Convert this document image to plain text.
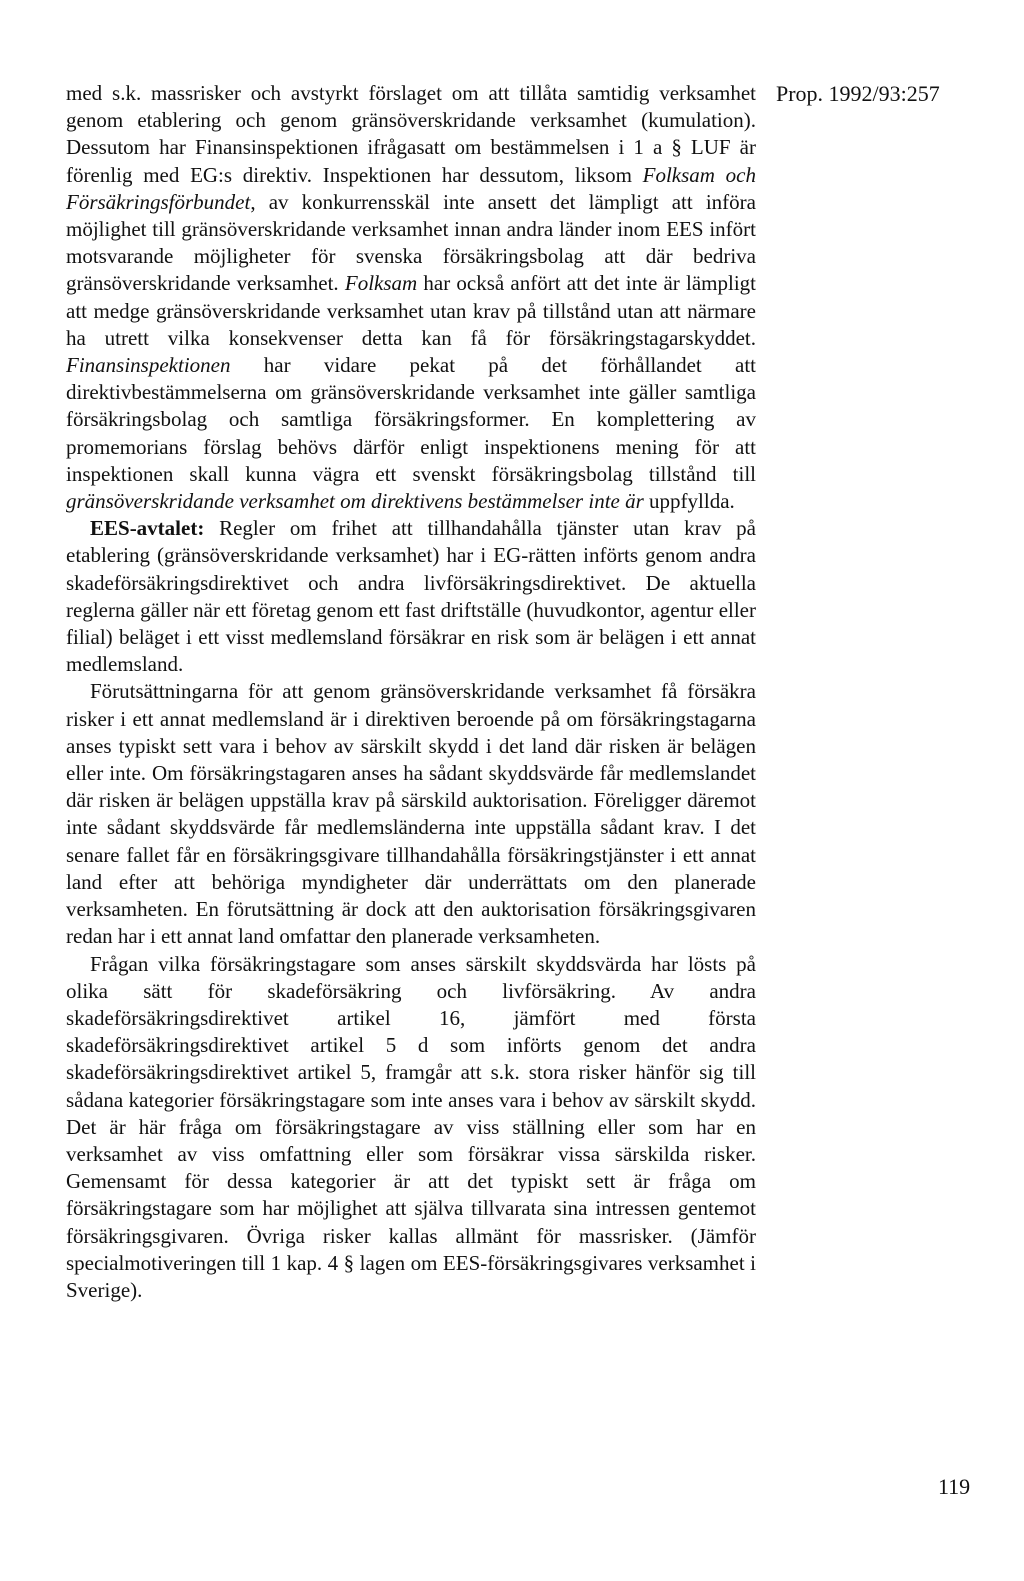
Prop. 1992/93:257

med s.k. massrisker och avstyrkt förslaget om att tillåta samtidig verksamhet genom etablering och genom gränsöverskridande verksamhet (kumulation). Dessutom har Finansinspektionen ifrågasatt om bestämmelsen i 1 a § LUF är förenlig med EG:s direktiv. Inspektionen har dessutom, liksom Folksam och Försäkringsförbundet, av konkurrensskäl inte ansett det lämpligt att införa möjlighet till gränsöverskridande verksamhet innan andra länder inom EES infört motsvarande möjligheter för svenska försäkringsbolag att där bedriva gränsöverskridande verksamhet. Folksam har också anfört att det inte är lämpligt att medge gränsöverskridande verksamhet utan krav på tillstånd utan att närmare ha utrett vilka konsekvenser detta kan få för försäkringstagarskyddet. Finansinspektionen har vidare pekat på det förhållandet att direktivbestämmelserna om gränsöverskridande verksamhet inte gäller samtliga försäkringsbolag och samtliga försäkringsformer. En komplettering av promemorians förslag behövs därför enligt inspektionens mening för att inspektionen skall kunna vägra ett svenskt försäkringsbolag tillstånd till gränsöverskridande verksamhet om direktivens bestämmelser inte är uppfyllda.

EES-avtalet: Regler om frihet att tillhandahålla tjänster utan krav på etablering (gränsöverskridande verksamhet) har i EG-rätten införts genom andra skadeförsäkringsdirektivet och andra livförsäkringsdirektivet. De aktuella reglerna gäller när ett företag genom ett fast driftställe (huvudkontor, agentur eller filial) beläget i ett visst medlemsland försäkrar en risk som är belägen i ett annat medlemsland.

Förutsättningarna för att genom gränsöverskridande verksamhet få försäkra risker i ett annat medlemsland är i direktiven beroende på om försäkringstagarna anses typiskt sett vara i behov av särskilt skydd i det land där risken är belägen eller inte. Om försäkringstagaren anses ha sådant skyddsvärde får medlemslandet där risken är belägen uppställa krav på särskild auktorisation. Föreligger däremot inte sådant skyddsvärde får medlemsländerna inte uppställa sådant krav. I det senare fallet får en försäkringsgivare tillhandahålla försäkringstjänster i ett annat land efter att behöriga myndigheter där underrättats om den planerade verksamheten. En förutsättning är dock att den auktorisation försäkringsgivaren redan har i ett annat land omfattar den planerade verksamheten.

Frågan vilka försäkringstagare som anses särskilt skyddsvärda har lösts på olika sätt för skadeförsäkring och livförsäkring. Av andra skadeförsäkringsdirektivet artikel 16, jämfört med första skadeförsäkringsdirektivet artikel 5 d som införts genom det andra skadeförsäkringsdirektivet artikel 5, framgår att s.k. stora risker hänför sig till sådana kategorier försäkringstagare som inte anses vara i behov av särskilt skydd. Det är här fråga om försäkringstagare av viss ställning eller som har en verksamhet av viss omfattning eller som försäkrar vissa särskilda risker. Gemensamt för dessa kategorier är att det typiskt sett är fråga om försäkringstagare som har möjlighet att själva tillvarata sina intressen gentemot försäkringsgivaren. Övriga risker kallas allmänt för massrisker. (Jämför specialmotiveringen till 1 kap. 4 § lagen om EES-försäkringsgivares verksamhet i Sverige).

119
